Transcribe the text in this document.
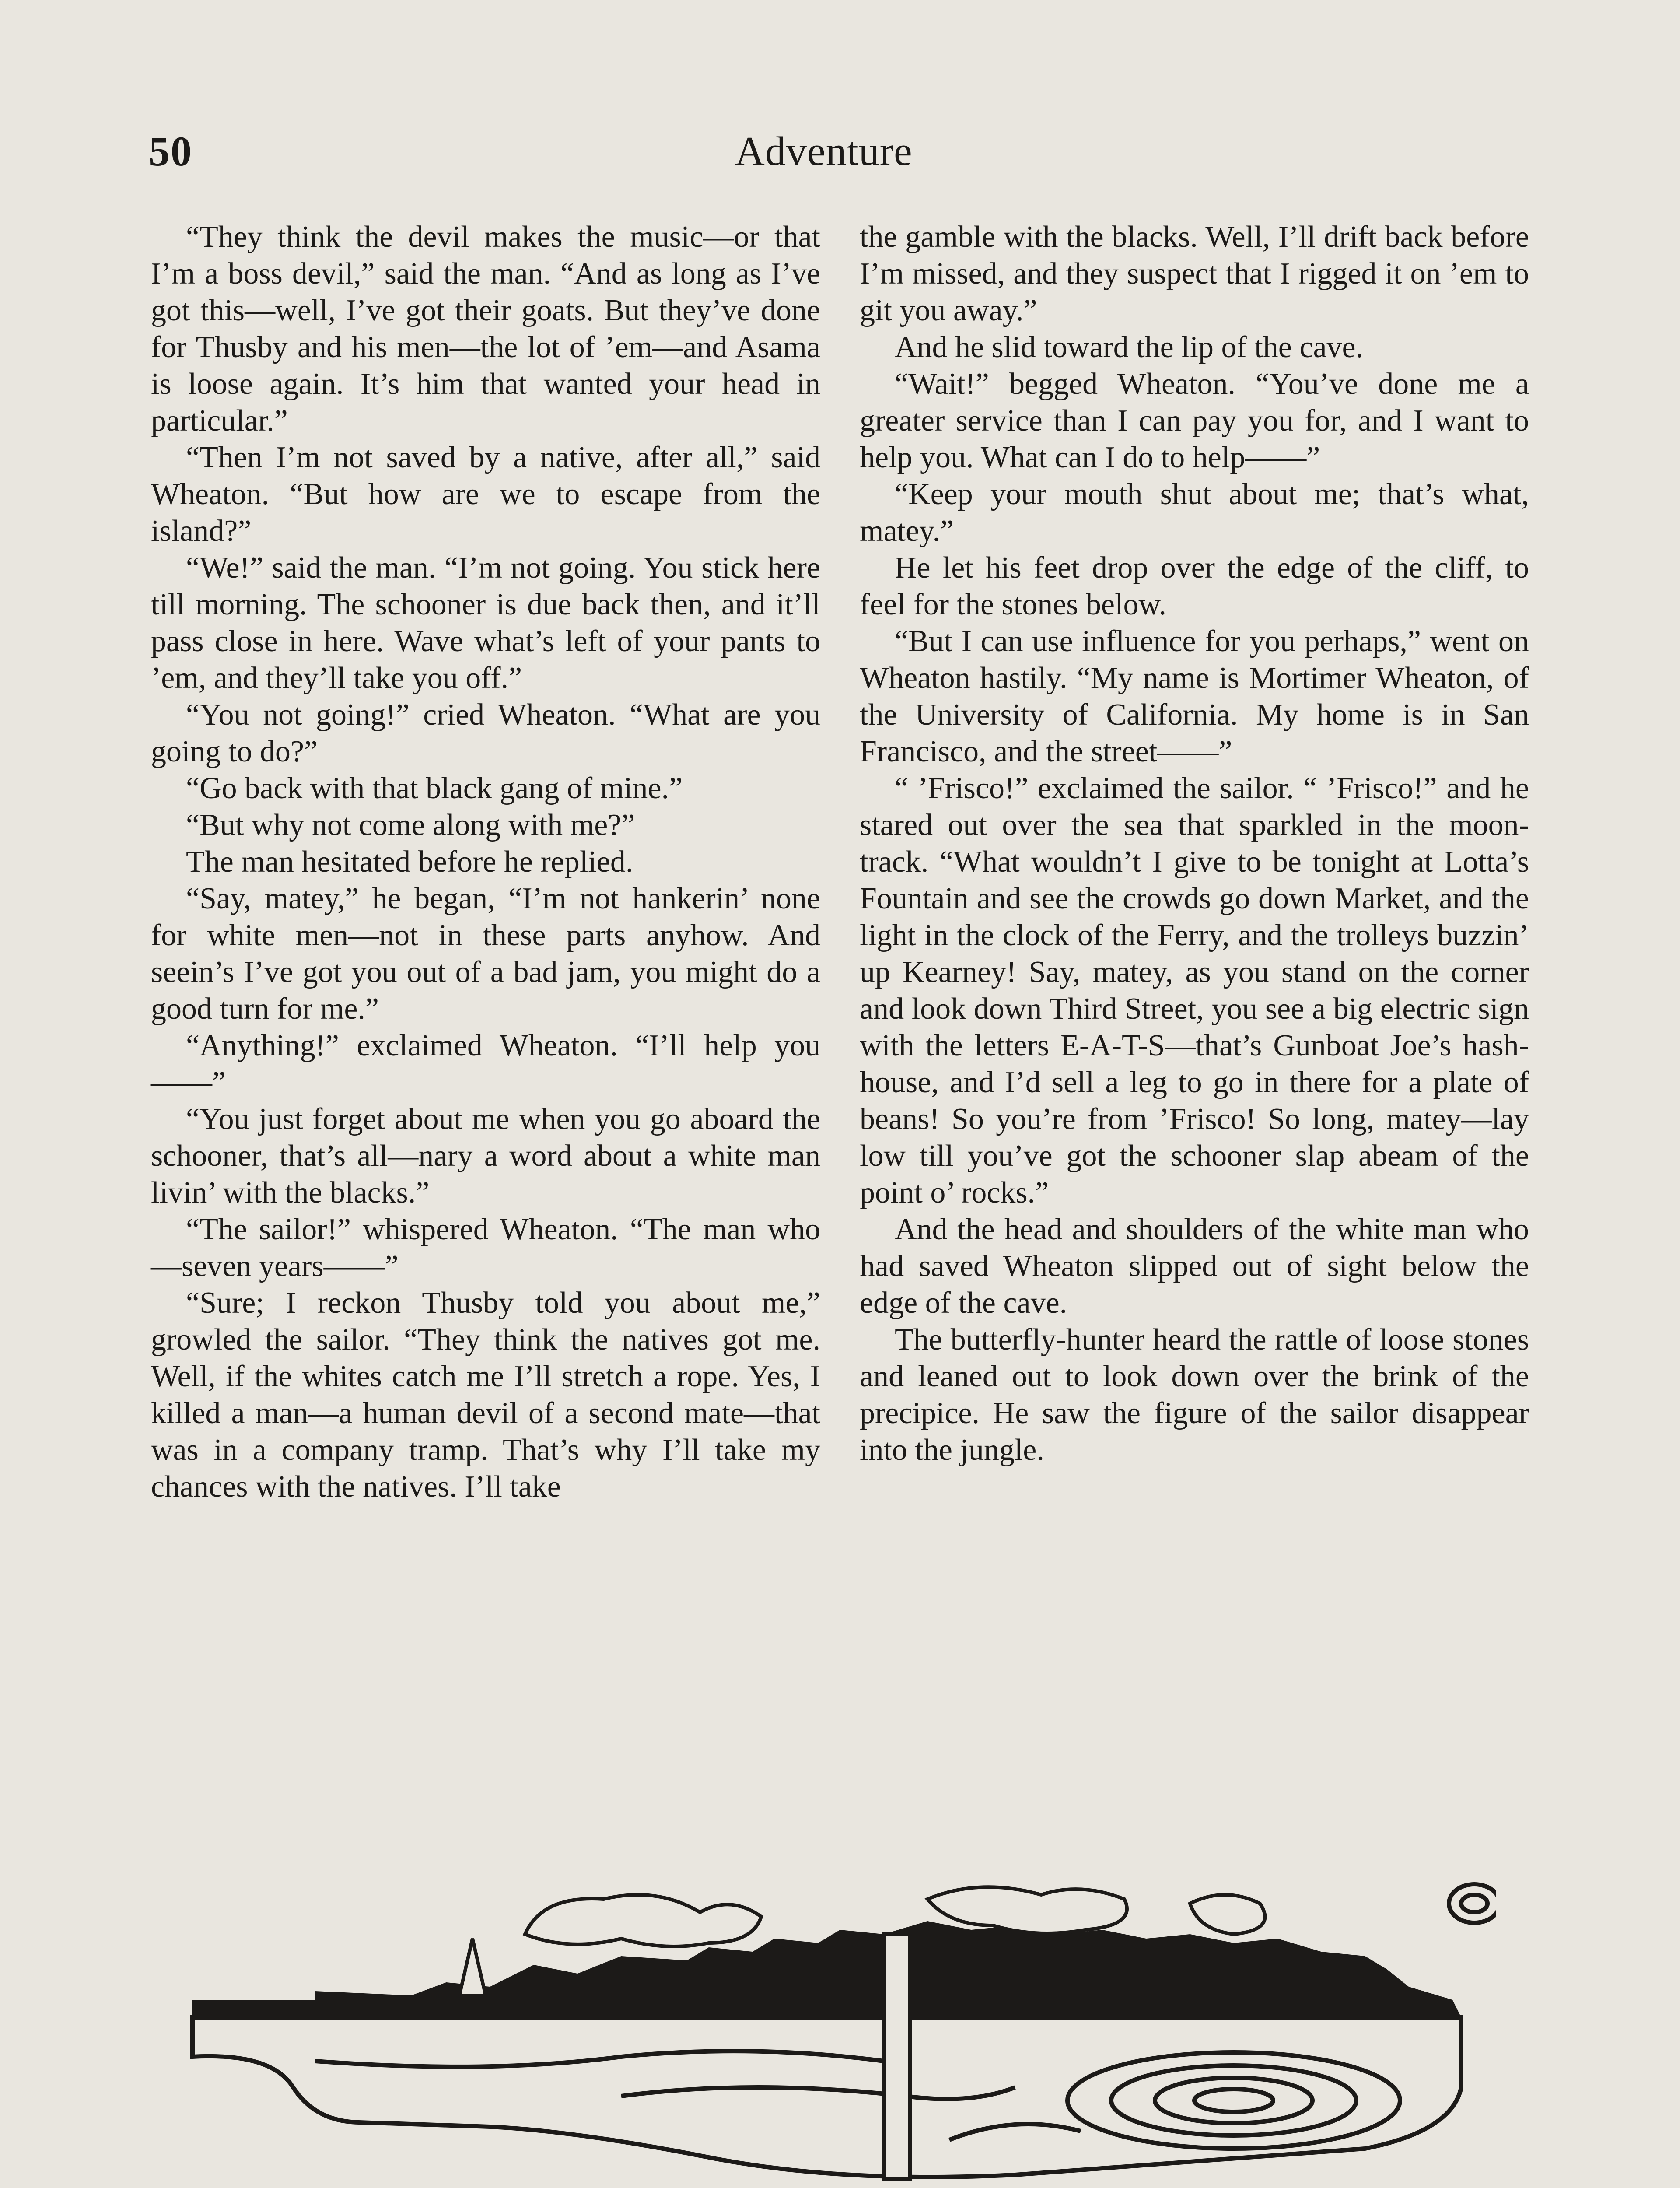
50	Adventure

“They think the devil makes the music—or that I’m a boss devil,” said the man. “And as long as I’ve got this—well, I’ve got their goats. But they’ve done for Thusby and his men—the lot of ’em—and Asama is loose again. It’s him that wanted your head in particular.”

“Then I’m not saved by a native, after all,” said Wheaton. “But how are we to escape from the island?”

“We!” said the man. “I’m not going. You stick here till morning. The schooner is due back then, and it’ll pass close in here. Wave what’s left of your pants to ’em, and they’ll take you off.”

“You not going!” cried Wheaton. “What are you going to do?”

“Go back with that black gang of mine.”

“But why not come along with me?”

The man hesitated before he replied.

“Say, matey,” he began, “I’m not hankerin’ none for white men—not in these parts anyhow. And seein’s I’ve got you out of a bad jam, you might do a good turn for me.”

“Anything!” exclaimed Wheaton. “I’ll help you——”

“You just forget about me when you go aboard the schooner, that’s all—nary a word about a white man livin’ with the blacks.”

“The sailor!” whispered Wheaton. “The man who—seven years——”

“Sure; I reckon Thusby told you about me,” growled the sailor. “They think the natives got me. Well, if the whites catch me I’ll stretch a rope. Yes, I killed a man—a human devil of a second mate—that was in a company tramp. That’s why I’ll take my chances with the natives. I’ll take

the gamble with the blacks. Well, I’ll drift back before I’m missed, and they suspect that I rigged it on ’em to git you away.”

And he slid toward the lip of the cave.

“Wait!” begged Wheaton. “You’ve done me a greater service than I can pay you for, and I want to help you. What can I do to help——”

“Keep your mouth shut about me; that’s what, matey.”

He let his feet drop over the edge of the cliff, to feel for the stones below.

“But I can use influence for you perhaps,” went on Wheaton hastily. “My name is Mortimer Wheaton, of the University of California. My home is in San Francisco, and the street——”

“ ’Frisco!” exclaimed the sailor. “ ’Frisco!” and he stared out over the sea that sparkled in the moon-track. “What wouldn’t I give to be tonight at Lotta’s Fountain and see the crowds go down Market, and the light in the clock of the Ferry, and the trolleys buzzin’ up Kearney! Say, matey, as you stand on the corner and look down Third Street, you see a big electric sign with the letters E-A-T-S—that’s Gunboat Joe’s hash-house, and I’d sell a leg to go in there for a plate of beans! So you’re from ’Frisco! So long, matey—lay low till you’ve got the schooner slap abeam of the point o’ rocks.”

And the head and shoulders of the white man who had saved Wheaton slipped out of sight below the edge of the cave.

The butterfly-hunter heard the rattle of loose stones and leaned out to look down over the brink of the precipice. He saw the figure of the sailor disappear into the jungle.
